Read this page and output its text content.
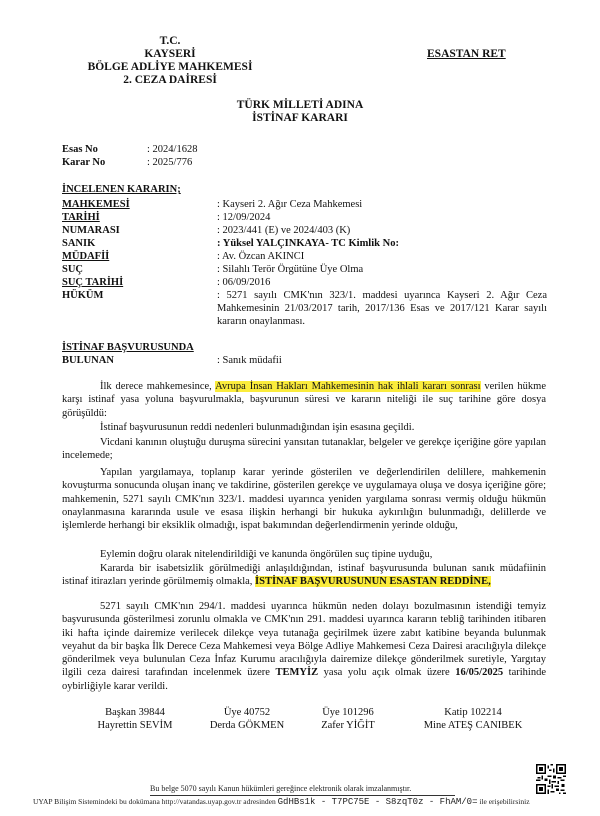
T.C.
KAYSERİ
BÖLGE ADLİYE MAHKEMESİ
2. CEZA DAİRESİ
ESASTAN RET
TÜRK MİLLETİ ADINA
İSTİNAF KARARI
Esas No	: 2024/1628
Karar No	: 2025/776
İNCELENEN KARARIN;
MAHKEMESİ	: Kayseri 2. Ağır Ceza Mahkemesi
TARİHİ	: 12/09/2024
NUMARASI	: 2023/441 (E) ve 2024/403 (K)
SANIK	: Yüksel YALÇINKAYA- TC Kimlik No:
MÜDAFİİ	: Av. Özcan AKINCI
SUÇ	: Silahlı Terör Örgütüne Üye Olma
SUÇ TARİHİ	: 06/09/2016
HÜKÜM	: 5271 sayılı CMK'nın 323/1. maddesi uyarınca Kayseri 2. Ağır Ceza Mahkemesinin 21/03/2017 tarih, 2017/136 Esas ve 2017/121 Karar sayılı kararın onaylanması.
İSTİNAF BAŞVURUSUNDA
BULUNAN	: Sanık müdafii
İlk derece mahkemesince, Avrupa İnsan Hakları Mahkemesinin hak ihlali kararı sonrası verilen hükme karşı istinaf yasa yoluna başvurulmakla, başvurunun süresi ve kararın niteliği ile suç tarihine göre dosya görüşüldü:
İstinaf başvurusunun reddi nedenleri bulunmadığından işin esasına geçildi.
Vicdani kanının oluştuğu duruşma sürecini yansıtan tutanaklar, belgeler ve gerekçe içeriğine göre yapılan incelemede;
Yapılan yargılamaya, toplanıp karar yerinde gösterilen ve değerlendirilen delillere, mahkemenin kovuşturma sonucunda oluşan inanç ve takdirine, gösterilen gerekçe ve uygulamaya oluşa ve dosya içeriğine göre; mahkemenin, 5271 sayılı CMK'nın 323/1. maddesi uyarınca yeniden yargılama sonrası vermiş olduğu hükmün onaylanmasına kararında usule ve esasa ilişkin herhangi bir hukuka aykırılığın bulunmadığı, delillerde ve işlemlerde herhangi bir eksiklik olmadığı, ispat bakımından değerlendirmenin yerinde olduğu,
Eylemin doğru olarak nitelendirildiği ve kanunda öngörülen suç tipine uyduğu,
Kararda bir isabetsizlik görülmediği anlaşıldığından, istinaf başvurusunda bulunan sanık müdafiinin istinaf itirazları yerinde görülmemiş olmakla, İSTİNAF BAŞVURUSUNUN ESASTAN REDDİNE,
5271 sayılı CMK'nın 294/1. maddesi uyarınca hükmün neden dolayı bozulmasının istendiği temyiz başvurusunda gösterilmesi zorunlu olmakla ve CMK'nın 291. maddesi uyarınca kararın tebliğ tarihinden itibaren iki hafta içinde dairemize verilecek dilekçe veya tutanağa geçirilmek üzere zabıt katibine beyanda bulunmak veyahut da bir başka İlk Derece Ceza Mahkemesi veya Bölge Adliye Mahkemesi Ceza Dairesi aracılığıyla dilekçe gönderilmek veya bulunulan Ceza İnfaz Kurumu aracılığıyla dairemize dilekçe gönderilmek suretiyle, Yargıtay ilgili ceza dairesi tarafından incelenmek üzere TEMYİZ yasa yolu açık olmak üzere 16/05/2025 tarihinde oybirliğiyle karar verildi.
Başkan 39844
Hayrettin SEVİM
Üye 40752
Derda GÖKMEN
Üye 101296
Zafer YİĞİT
Katip 102214
Mine ATEŞ CANIBEK
Bu belge 5070 sayılı Kanun hükümleri gereğince elektronik olarak imzalanmıştır.
UYAP Bilişim Sistemindeki bu dokümana http://vatandas.uyap.gov.tr adresinden GdHBs1k - T7PC75E - S8zqT0z - FhAM/0= ile erişebilirsiniz
